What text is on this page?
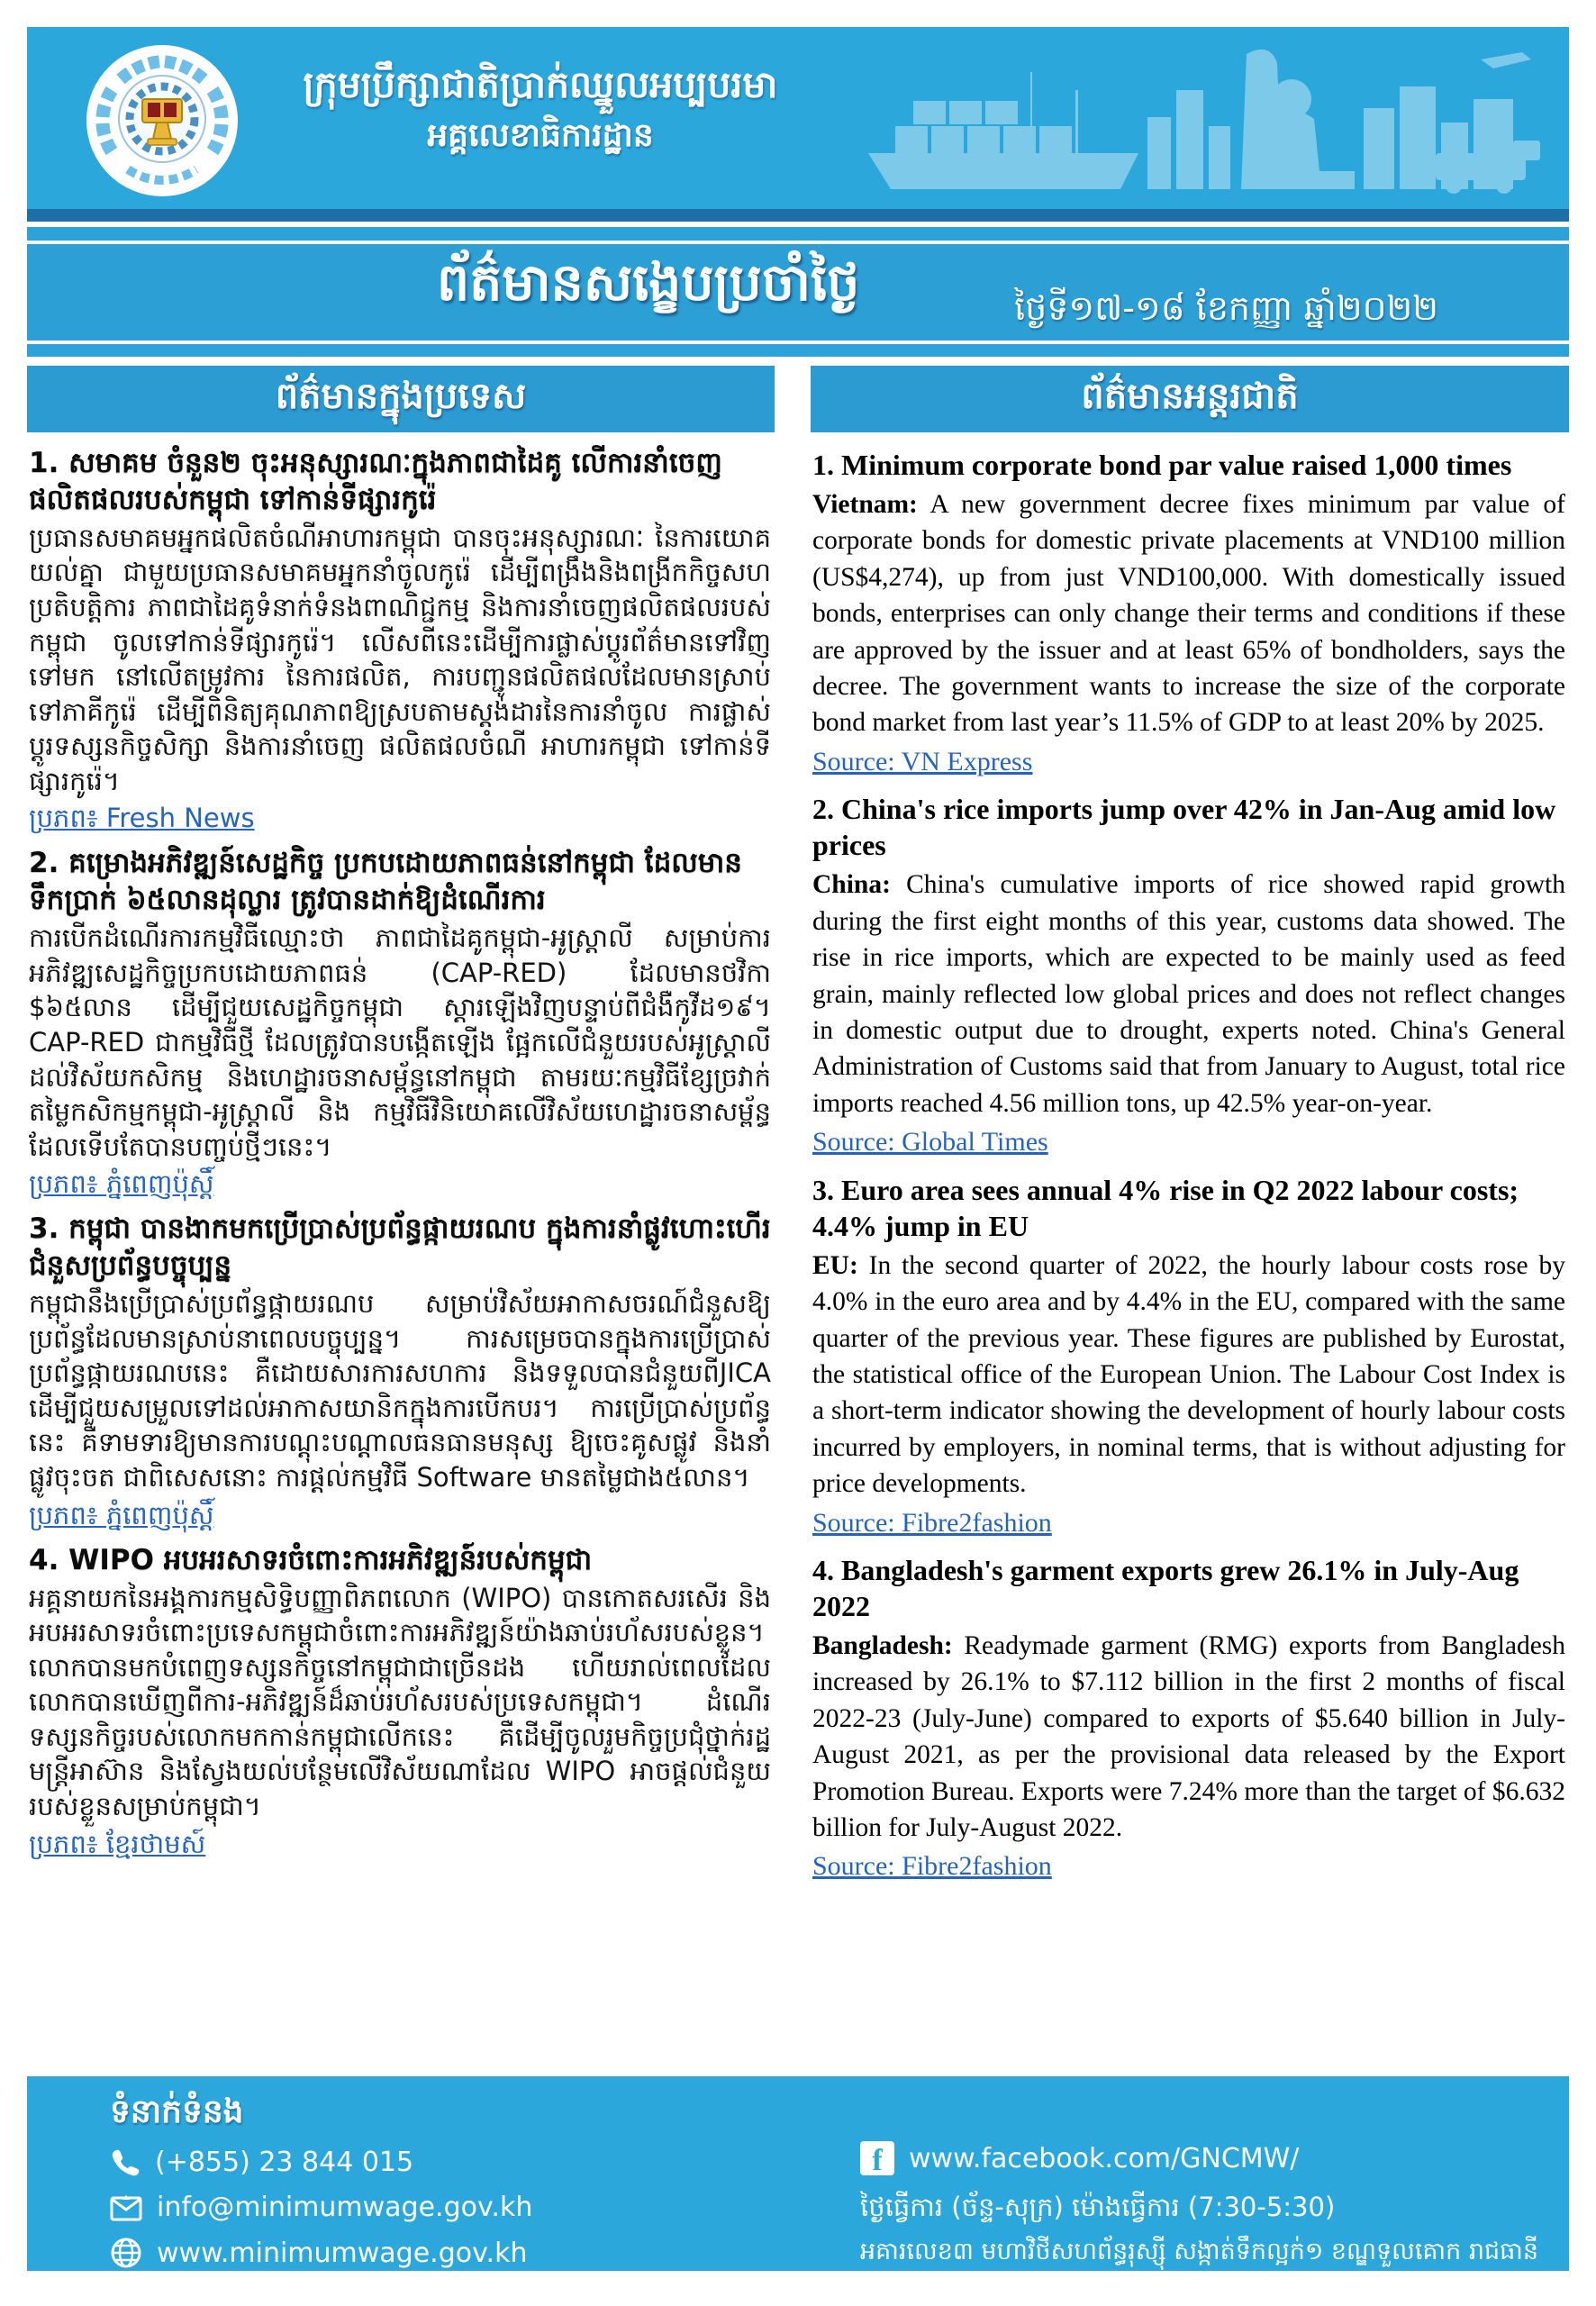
ក្រុមប្រឹក្សាជាតិប្រាក់ឈ្នួលអប្បបរមា
អគ្គលេខាធិការដ្ឋាន
ព័ត៌មានសង្ខេបប្រចាំថ្ងៃ	ថ្ងៃទី១៧-១៨ ខែកញ្ញា ឆ្នាំ២០២២
ព័ត៌មានក្នុងប្រទេស
1. សមាគម ចំនួន២ ចុះអនុស្សារណៈក្នុងភាពជាដៃគូ លើការនាំចេញផលិតផលរបស់កម្ពុជា ទៅកាន់ទីផ្សារកូរ៉េ

ប្រធានសមាគមអ្នកផលិតចំណីអាហារកម្ពុជា បានចុះអនុស្សារណៈ នៃការយោគយល់គ្នា ជាមួយប្រធានសមាគមអ្នកនាំចូលកូរ៉េ ដើម្បីពង្រឹងនិងពង្រីកកិច្ចសហប្រតិបត្តិការ ភាពជាដៃគូទំនាក់ទំនងពាណិជ្ជកម្ម និងការនាំចេញផលិតផលរបស់កម្ពុជា ចូលទៅកាន់ទីផ្សារកូរ៉េ។ លើសពីនេះដើម្បីការផ្លាស់ប្តូរព័ត៌មានទៅវិញទៅមក នៅលើតម្រូវការ នៃការផលិត, ការបញ្ជូនផលិតផលដែលមានស្រាប់ ទៅភាគីកូរ៉េ ដើម្បីពិនិត្យគុណភាពឱ្យស្របតាមស្តង់ដារនៃការនាំចូល ការផ្លាស់ប្តូរទស្សនកិច្ចសិក្សា និងការនាំចេញ ផលិតផលចំណី អាហារកម្ពុជា ទៅកាន់ទីផ្សារកូរ៉េ។

ប្រភព៖ Fresh News
2. គម្រោងអភិវឌ្ឍន៍សេដ្ឋកិច្ច ប្រកបដោយភាពធន់នៅកម្ពុជា ដែលមានទឹកប្រាក់ ៦៥លានដុល្លារ ត្រូវបានដាក់ឱ្យដំណើរការ

ការបើកដំណើរការកម្មវិធីឈ្មោះថា ភាពជាដៃគូកម្ពុជា-អូស្ត្រាលី សម្រាប់ការអភិវឌ្ឍសេដ្ឋកិច្ចប្រកបដោយភាពធន់ (CAP-RED) ដែលមានថវិកា $៦៥លាន ដើម្បីជួយសេដ្ឋកិច្ចកម្ពុជា ស្តារឡើងវិញបន្ទាប់ពីជំងឺកូវីដ១៩។ CAP-RED ជាកម្មវិធីថ្មី ដែលត្រូវបានបង្កើតឡើង ផ្អែកលើជំនួយរបស់អូស្ត្រាលី ដល់វិស័យកសិកម្ម និងហេដ្ឋារចនាសម្ព័ន្ធនៅកម្ពុជា តាមរយៈកម្មវិធីខ្សែច្រវាក់តម្លៃកសិកម្មកម្ពុជា-អូស្ត្រាលី និង កម្មវិធីវិនិយោគលើវិស័យហេដ្ឋារចនាសម្ព័ន្ធ ដែលទើបតែបានបញ្ចប់ថ្មីៗនេះ។

ប្រភព៖ ភ្នំពេញប៉ុស្តិ៍
3. កម្ពុជា បានងាកមកប្រើប្រាស់ប្រព័ន្ធផ្កាយរណប ក្នុងការនាំផ្លូវហោះហើរជំនួសប្រព័ន្ធបច្ចុប្បន្ន

កម្ពុជានឹងប្រើប្រាស់ប្រព័ន្ធផ្កាយរណប សម្រាប់វិស័យអាកាសចរណ៍ជំនួសឱ្យប្រព័ន្ធដែលមានស្រាប់នាពេលបច្ចុប្បន្ន។ ការសម្រេចបានក្នុងការប្រើប្រាស់ប្រព័ន្ធផ្កាយរណបនេះ គឺដោយសារការសហការ និងទទួលបានជំនួយពីJICA ដើម្បីជួយសម្រួលទៅដល់អាកាសយានិកក្នុងការបើកបរ។ ការប្រើប្រាស់ប្រព័ន្ធនេះ គឺទាមទារឱ្យមានការបណ្តុះបណ្តាលធនធានមនុស្ស ឱ្យចេះគូសផ្លូវ និងនាំផ្លូវចុះចត ជាពិសេសនោះ ការផ្តល់កម្មវិធី Software មានតម្លៃជាង៥លាន។

ប្រភព៖ ភ្នំពេញប៉ុស្តិ៍
4. WIPO អបអរសាទរចំពោះការអភិវឌ្ឍន៍របស់កម្ពុជា

អគ្គនាយកនៃអង្គការកម្មសិទ្ធិបញ្ញាពិភពលោក (WIPO) បានកោតសរសើរ និងអបអរសាទរចំពោះប្រទេសកម្ពុជាចំពោះការអភិវឌ្ឍន៍យ៉ាងឆាប់រហ័សរបស់ខ្លួន។ លោកបានមកបំពេញទស្សនកិច្ចនៅកម្ពុជាជាច្រើនដង ហើយរាល់ពេលដែលលោកបានឃើញពីការ-អភិវឌ្ឍន៍ដ៏ឆាប់រហ័សរបស់ប្រទេសកម្ពុជា។ ដំណើរទស្សនកិច្ចរបស់លោកមកកាន់កម្ពុជាលើកនេះ គឺដើម្បីចូលរួមកិច្ចប្រជុំថ្នាក់រដ្ឋមន្ត្រីអាស៊ាន និងស្វែងយល់បន្ថែមលើវិស័យណាដែល WIPO អាចផ្តល់ជំនួយរបស់ខ្លួនសម្រាប់កម្ពុជា។

ប្រភព៖ ខ្មែរថាមស៍
ព័ត៌មានអន្តរជាតិ
1. Minimum corporate bond par value raised 1,000 times

Vietnam: A new government decree fixes minimum par value of corporate bonds for domestic private placements at VND100 million (US$4,274), up from just VND100,000. With domestically issued bonds, enterprises can only change their terms and conditions if these are approved by the issuer and at least 65% of bondholders, says the decree. The government wants to increase the size of the corporate bond market from last year’s 11.5% of GDP to at least 20% by 2025.

Source: VN Express
2. China's rice imports jump over 42% in Jan-Aug amid low prices

China: China's cumulative imports of rice showed rapid growth during the first eight months of this year, customs data showed. The rise in rice imports, which are expected to be mainly used as feed grain, mainly reflected low global prices and does not reflect changes in domestic output due to drought, experts noted. China's General Administration of Customs said that from January to August, total rice imports reached 4.56 million tons, up 42.5% year-on-year.

Source: Global Times
3. Euro area sees annual 4% rise in Q2 2022 labour costs; 4.4% jump in EU

EU: In the second quarter of 2022, the hourly labour costs rose by 4.0% in the euro area and by 4.4% in the EU, compared with the same quarter of the previous year. These figures are published by Eurostat, the statistical office of the European Union. The Labour Cost Index is a short-term indicator showing the development of hourly labour costs incurred by employers, in nominal terms, that is without adjusting for price developments.

Source: Fibre2fashion
4. Bangladesh's garment exports grew 26.1% in July-Aug 2022

Bangladesh: Readymade garment (RMG) exports from Bangladesh increased by 26.1% to $7.112 billion in the first 2 months of fiscal 2022-23 (July-June) compared to exports of $5.640 billion in July-August 2021, as per the provisional data released by the Export Promotion Bureau. Exports were 7.24% more than the target of $6.632 billion for July-August 2022.

Source: Fibre2fashion
ទំនាក់ទំនង
(+855) 23 844 015
info@minimumwage.gov.kh
www.minimumwage.gov.kh
f www.facebook.com/GNCMW/
ថ្ងៃធ្វើការ (ច័ន្ទ-សុក្រ) ម៉ោងធ្វើការ (7:30-5:30)
អគារលេខ៣ មហាវិថីសហព័ន្ធរុស្ស៊ី សង្កាត់ទឹកល្អក់១ ខណ្ឌទួលគោក រាជធានីភ្នំពេញ
